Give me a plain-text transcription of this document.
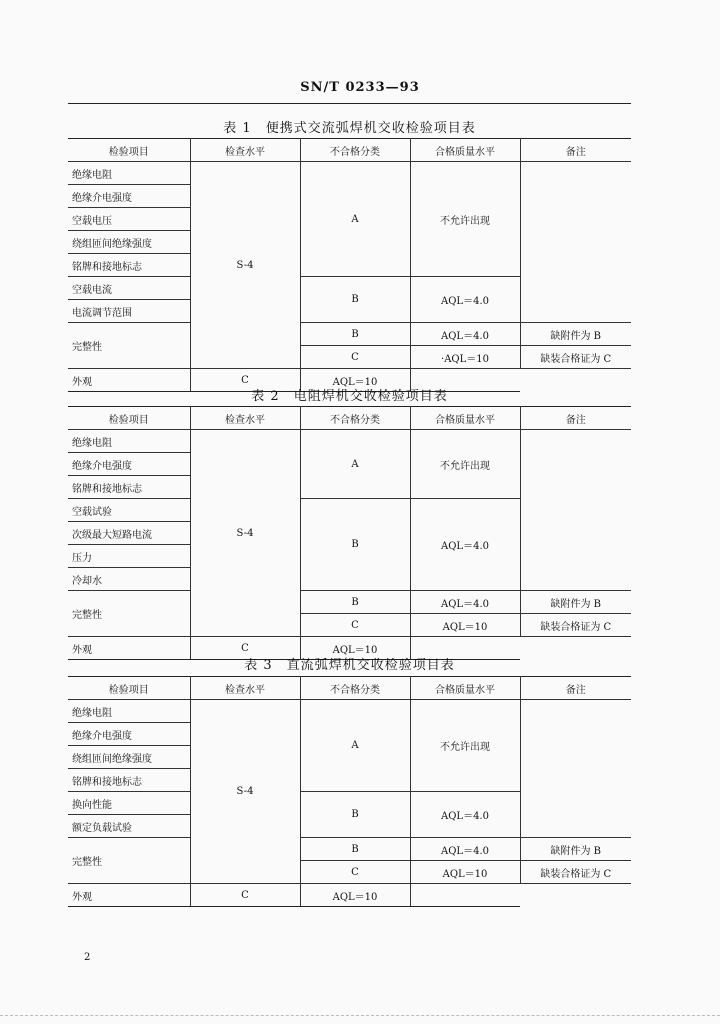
SN/T 0233—93
表 1　便携式交流弧焊机交收检验项目表
检验项目	检查水平	不合格分类	合格质量水平	备注
绝缘电阻	S-4	A	不允许出现	
绝缘介电强度				
空载电压				
绕组匝间绝缘强度				
铭牌和接地标志				
空载电流		B	AQL＝4.0	
电流调节范围				
完整性		B	AQL＝4.0	缺附件为 B
		C	·AQL＝10	缺装合格证为 C
外观	C	AQL＝10		
表 2　电阻焊机交收检验项目表
检验项目	检查水平	不合格分类	合格质量水平	备注
绝缘电阻	S-4	A	不允许出现	
绝缘介电强度				
铭牌和接地标志				
空载试验		B	AQL＝4.0	
次级最大短路电流				
压力				
冷却水				
完整性		B	AQL＝4.0	缺附件为 B
		C	AQL＝10	缺装合格证为 C
外观	C	AQL＝10		
表 3　直流弧焊机交收检验项目表
检验项目	检查水平	不合格分类	合格质量水平	备注
绝缘电阻	S-4	A	不允许出现	
绝缘介电强度				
绕组匝间绝缘强度				
铭牌和接地标志				
换向性能		B	AQL＝4.0	
额定负载试验				
完整性		B	AQL＝4.0	缺附件为 B
		C	AQL＝10	缺装合格证为 C
外观	C	AQL＝10		
2
